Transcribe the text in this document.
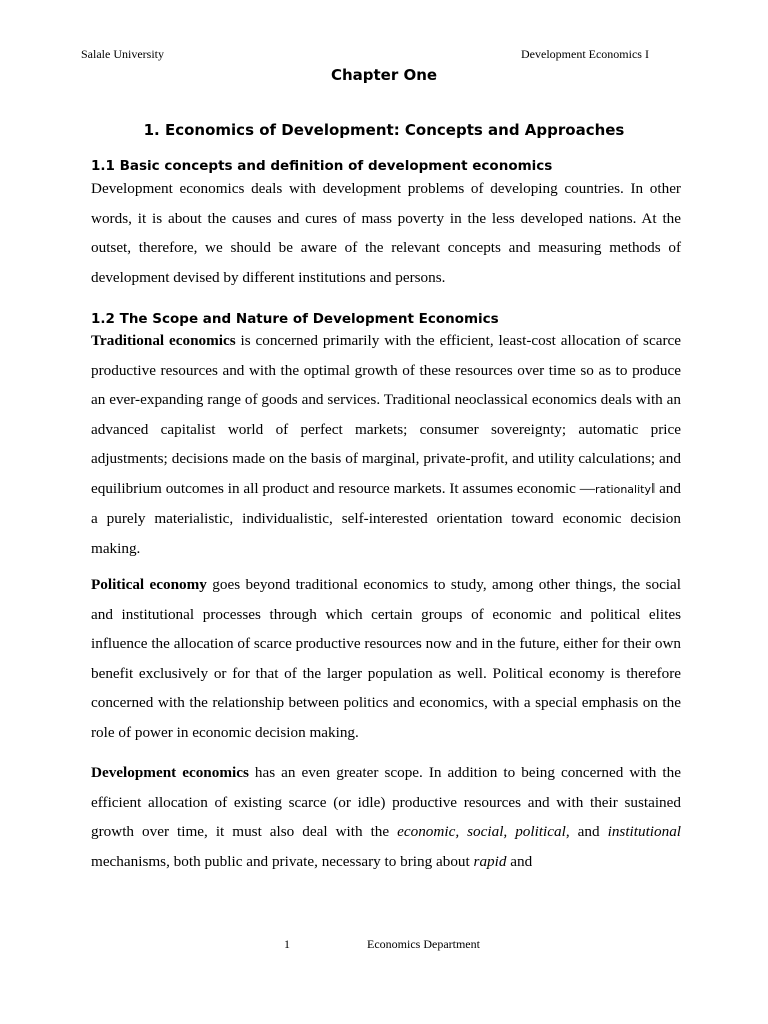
Salale University	Development Economics I
Chapter One
1. Economics of Development: Concepts and Approaches
1.1 Basic concepts and definition of development economics
Development economics deals with development problems of developing countries. In other words, it is about the causes and cures of mass poverty in the less developed nations. At the outset, therefore, we should be aware of the relevant concepts and measuring methods of development devised by different institutions and persons.
1.2 The Scope and Nature of Development Economics
Traditional economics is concerned primarily with the efficient, least-cost allocation of scarce productive resources and with the optimal growth of these resources over time so as to produce an ever-expanding range of goods and services. Traditional neoclassical economics deals with an advanced capitalist world of perfect markets; consumer sovereignty; automatic price adjustments; decisions made on the basis of marginal, private-profit, and utility calculations; and equilibrium outcomes in all product and resource markets. It assumes economic ―rationality‖ and a purely materialistic, individualistic, self-interested orientation toward economic decision making.
Political economy goes beyond traditional economics to study, among other things, the social and institutional processes through which certain groups of economic and political elites influence the allocation of scarce productive resources now and in the future, either for their own benefit exclusively or for that of the larger population as well. Political economy is therefore concerned with the relationship between politics and economics, with a special emphasis on the role of power in economic decision making.
Development economics has an even greater scope. In addition to being concerned with the efficient allocation of existing scarce (or idle) productive resources and with their sustained growth over time, it must also deal with the economic, social, political, and institutional mechanisms, both public and private, necessary to bring about rapid and
1	Economics Department
